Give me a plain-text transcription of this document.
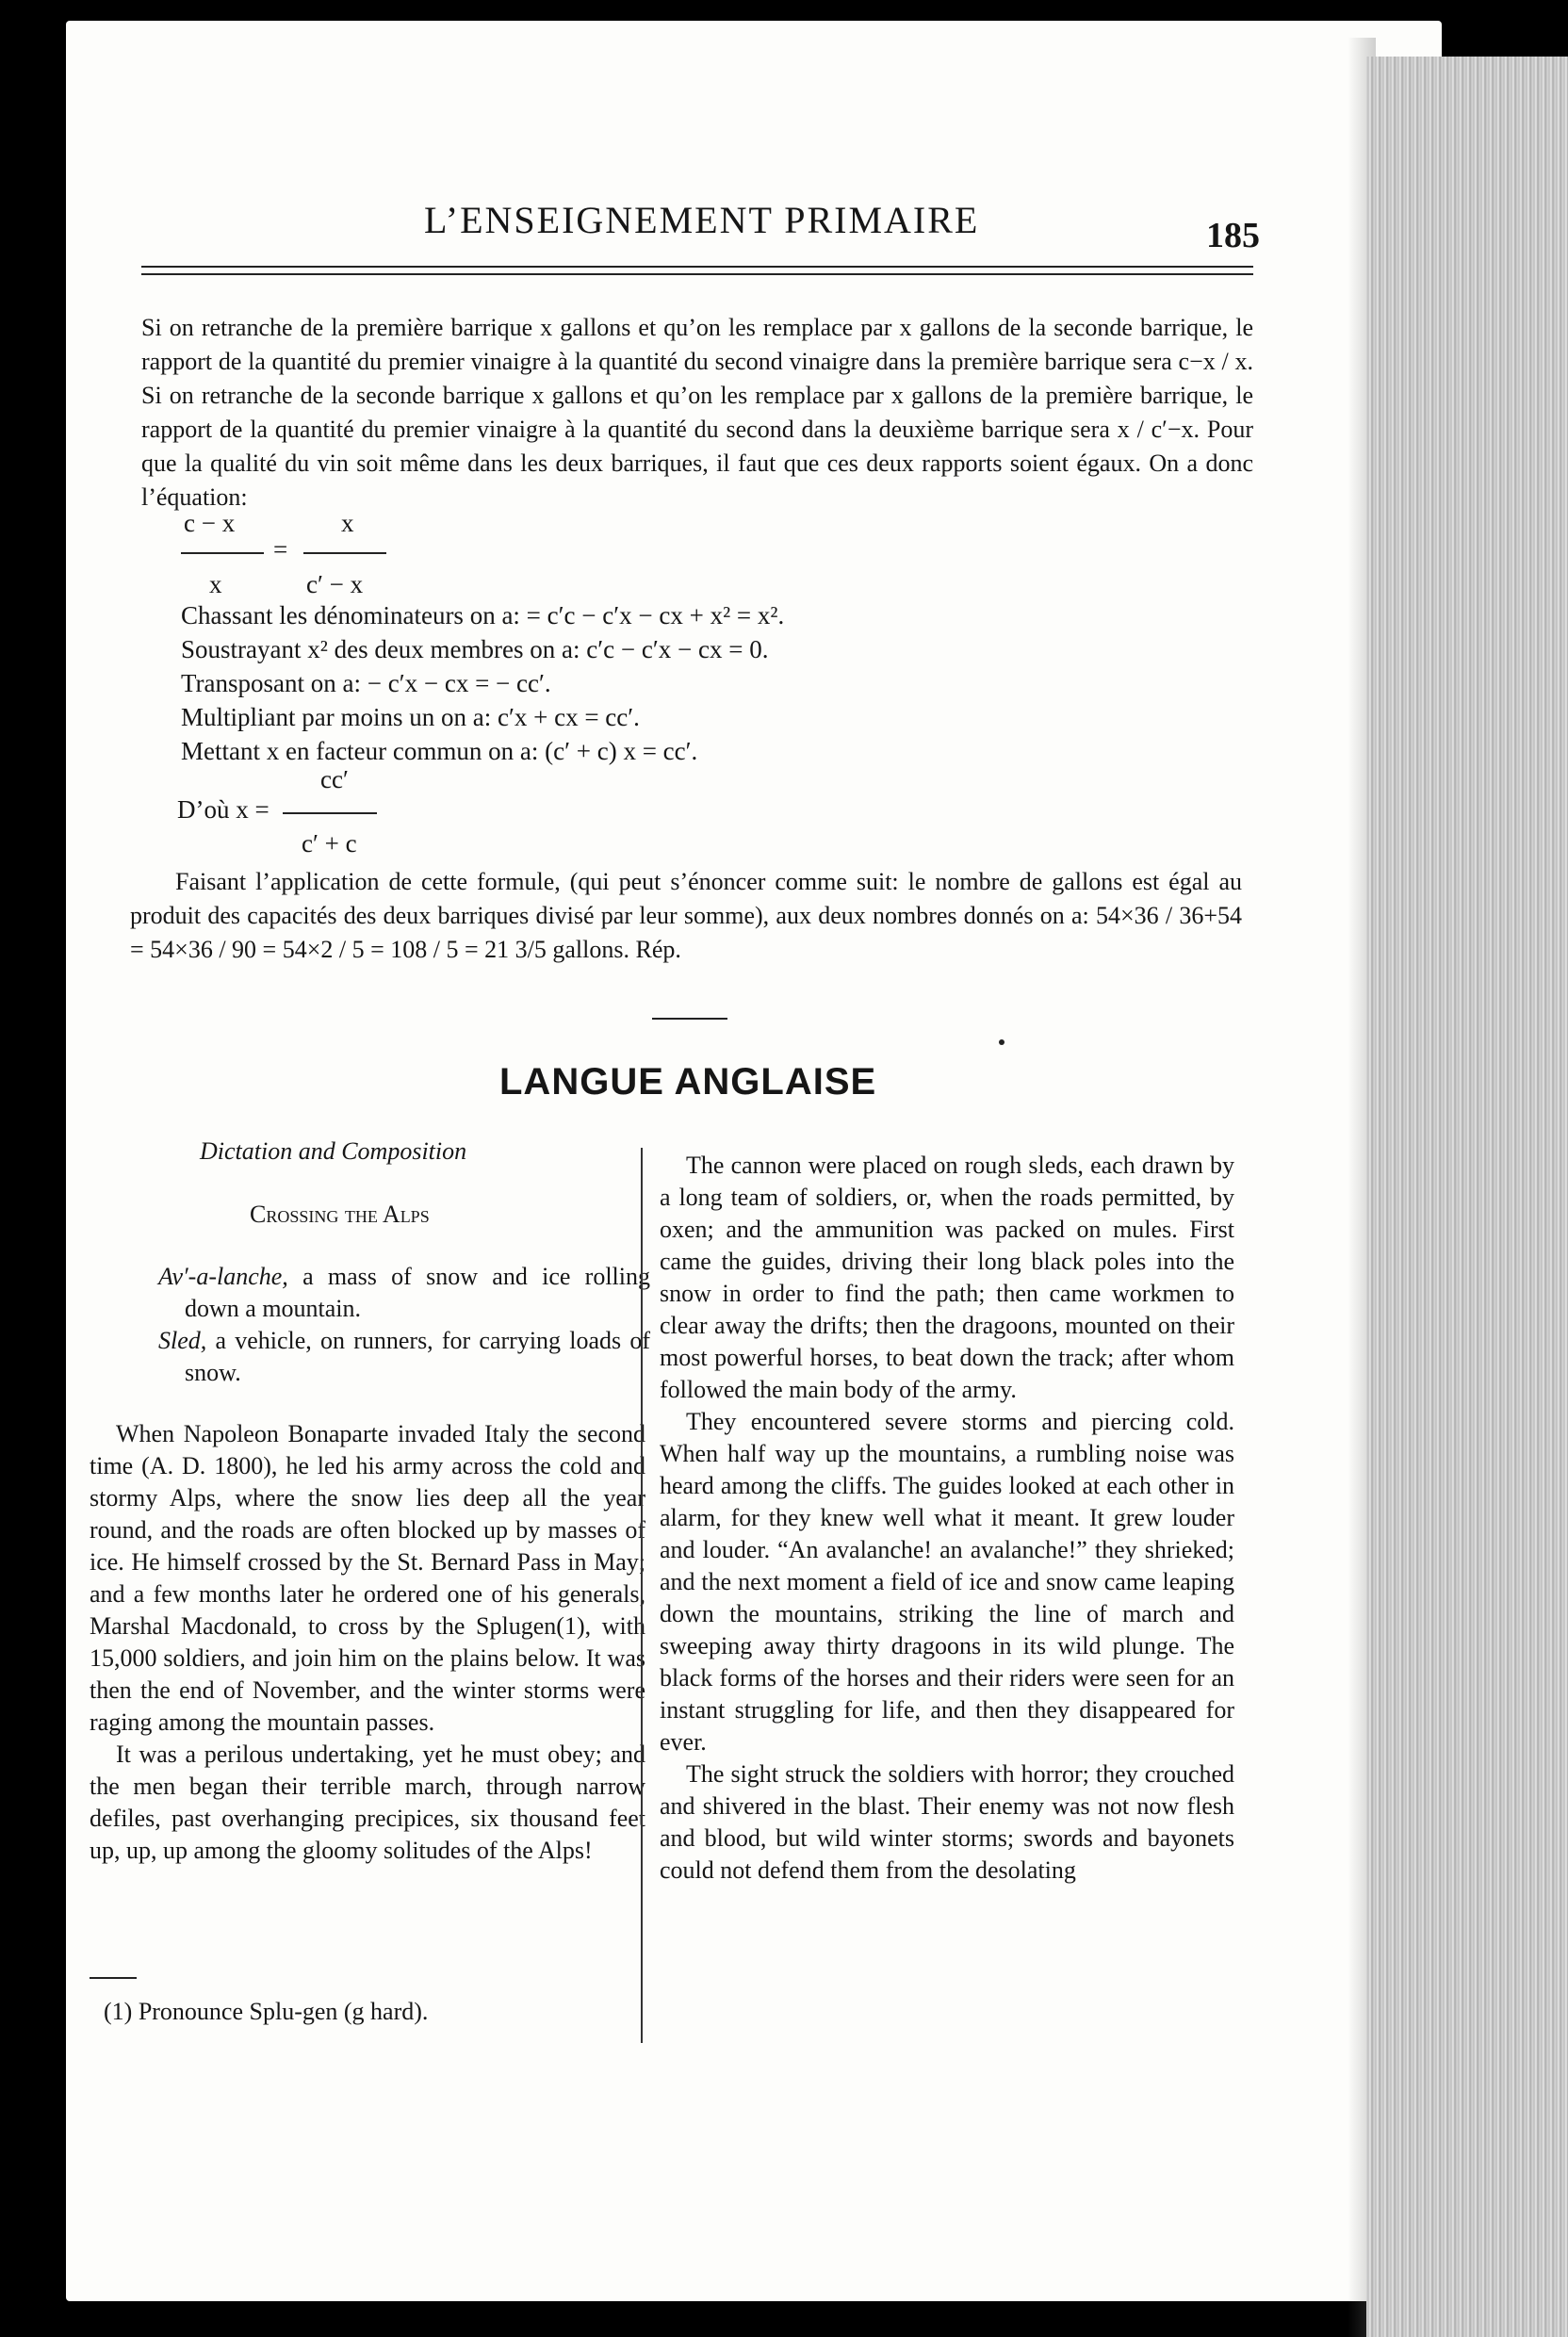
L’ENSEIGNEMENT PRIMAIRE	185
Si on retranche de la première barrique x gallons et qu’on les remplace par x gallons de la seconde barrique, le rapport de la quantité du premier vinaigre à la quantité du second vinaigre dans la première barrique sera c−x / x. Si on retranche de la seconde barrique x gallons et qu’on les remplace par x gallons de la première barrique, le rapport de la quantité du premier vinaigre à la quantité du second dans la deuxième barrique sera x / c′−x. Pour que la qualité du vin soit même dans les deux barriques, il faut que ces deux rapports soient égaux. On a donc l’équation:
c − x
x
=
x
c′ − x
Chassant les dénominateurs on a: = c′c − c′x − cx + x² = x².
Soustrayant x² des deux membres on a: c′c − c′x − cx = 0.
Transposant on a: − c′x − cx = − cc′.
Multipliant par moins un on a: c′x + cx = cc′.
Mettant x en facteur commun on a: (c′ + c) x = cc′.
cc′
D’où x =
c′ + c
Faisant l’application de cette formule, (qui peut s’énoncer comme suit: le nombre de gallons est égal au produit des capacités des deux barriques divisé par leur somme), aux deux nombres donnés on a: 54×36 / 36+54 = 54×36 / 90 = 54×2 / 5 = 108 / 5 = 21 3/5 gallons. Rép.
LANGUE ANGLAISE
Dictation and Composition
Crossing the Alps
Av′-a-lanche, a mass of snow and ice rolling down a mountain.
Sled, a vehicle, on runners, for carrying loads of snow.

When Napoleon Bonaparte invaded Italy the second time (A. D. 1800), he led his army across the cold and stormy Alps, where the snow lies deep all the year round, and the roads are often blocked up by masses of ice. He himself crossed by the St. Bernard Pass in May; and a few months later he ordered one of his generals, Marshal Macdonald, to cross by the Splugen(1), with 15,000 soldiers, and join him on the plains below. It was then the end of November, and the winter storms were raging among the mountain passes.

It was a perilous undertaking, yet he must obey; and the men began their terrible march, through narrow defiles, past overhanging precipices, six thousand feet up, up, up among the gloomy solitudes of the Alps!

(1) Pronounce Splu-gen (g hard).

The cannon were placed on rough sleds, each drawn by a long team of soldiers, or, when the roads permitted, by oxen; and the ammunition was packed on mules. First came the guides, driving their long black poles into the snow in order to find the path; then came workmen to clear away the drifts; then the dragoons, mounted on their most powerful horses, to beat down the track; after whom followed the main body of the army.

They encountered severe storms and piercing cold. When half way up the mountains, a rumbling noise was heard among the cliffs. The guides looked at each other in alarm, for they knew well what it meant. It grew louder and louder. “An avalanche! an avalanche!” they shrieked; and the next moment a field of ice and snow came leaping down the mountains, striking the line of march and sweeping away thirty dragoons in its wild plunge. The black forms of the horses and their riders were seen for an instant struggling for life, and then they disappeared for ever.

The sight struck the soldiers with horror; they crouched and shivered in the blast. Their enemy was not now flesh and blood, but wild winter storms; swords and bayonets could not defend them from the desolating
